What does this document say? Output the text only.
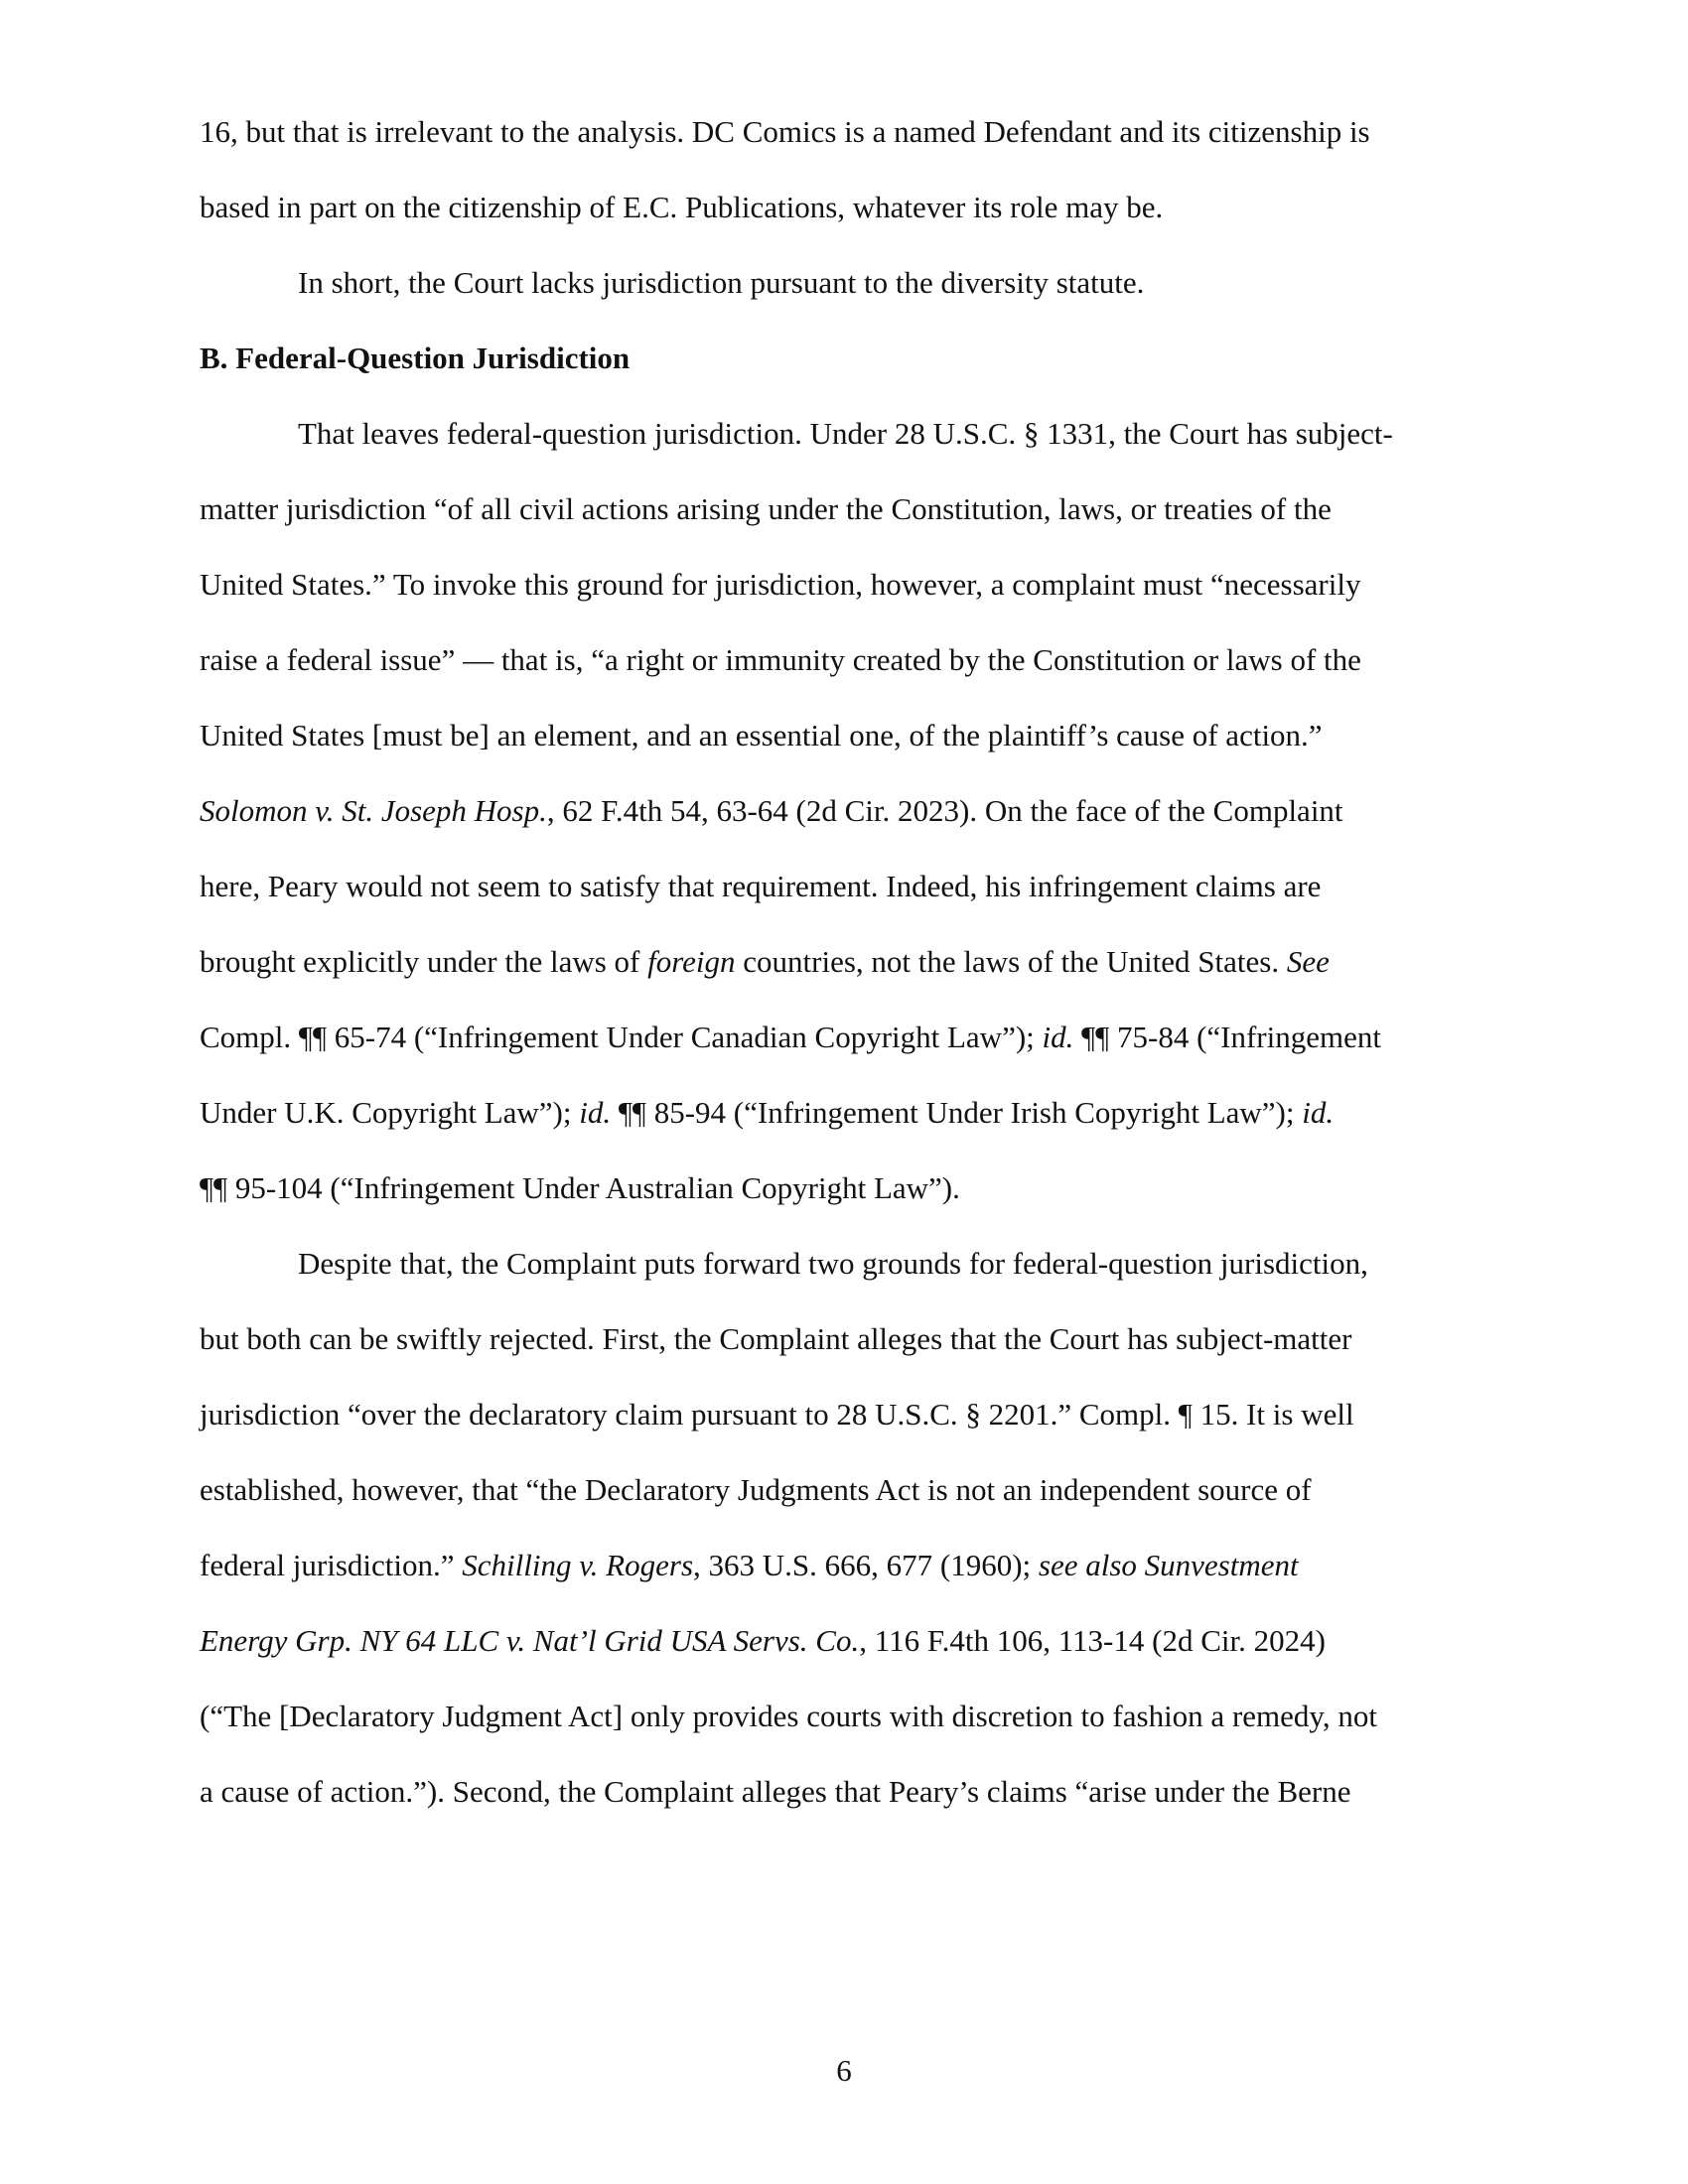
16, but that is irrelevant to the analysis. DC Comics is a named Defendant and its citizenship is
based in part on the citizenship of E.C. Publications, whatever its role may be.
In short, the Court lacks jurisdiction pursuant to the diversity statute.
B. Federal-Question Jurisdiction
That leaves federal-question jurisdiction. Under 28 U.S.C. § 1331, the Court has subject-
matter jurisdiction “of all civil actions arising under the Constitution, laws, or treaties of the
United States.” To invoke this ground for jurisdiction, however, a complaint must “necessarily
raise a federal issue” — that is, “a right or immunity created by the Constitution or laws of the
United States [must be] an element, and an essential one, of the plaintiff’s cause of action.”
Solomon v. St. Joseph Hosp., 62 F.4th 54, 63-64 (2d Cir. 2023). On the face of the Complaint
here, Peary would not seem to satisfy that requirement. Indeed, his infringement claims are
brought explicitly under the laws of foreign countries, not the laws of the United States. See
Compl. ¶¶ 65-74 (“Infringement Under Canadian Copyright Law”); id. ¶¶ 75-84 (“Infringement
Under U.K. Copyright Law”); id. ¶¶ 85-94 (“Infringement Under Irish Copyright Law”); id.
¶¶ 95-104 (“Infringement Under Australian Copyright Law”).
Despite that, the Complaint puts forward two grounds for federal-question jurisdiction,
but both can be swiftly rejected. First, the Complaint alleges that the Court has subject-matter
jurisdiction “over the declaratory claim pursuant to 28 U.S.C. § 2201.” Compl. ¶ 15. It is well
established, however, that “the Declaratory Judgments Act is not an independent source of
federal jurisdiction.” Schilling v. Rogers, 363 U.S. 666, 677 (1960); see also Sunvestment
Energy Grp. NY 64 LLC v. Nat’l Grid USA Servs. Co., 116 F.4th 106, 113-14 (2d Cir. 2024)
(“The [Declaratory Judgment Act] only provides courts with discretion to fashion a remedy, not
a cause of action.”). Second, the Complaint alleges that Peary’s claims “arise under the Berne
6
